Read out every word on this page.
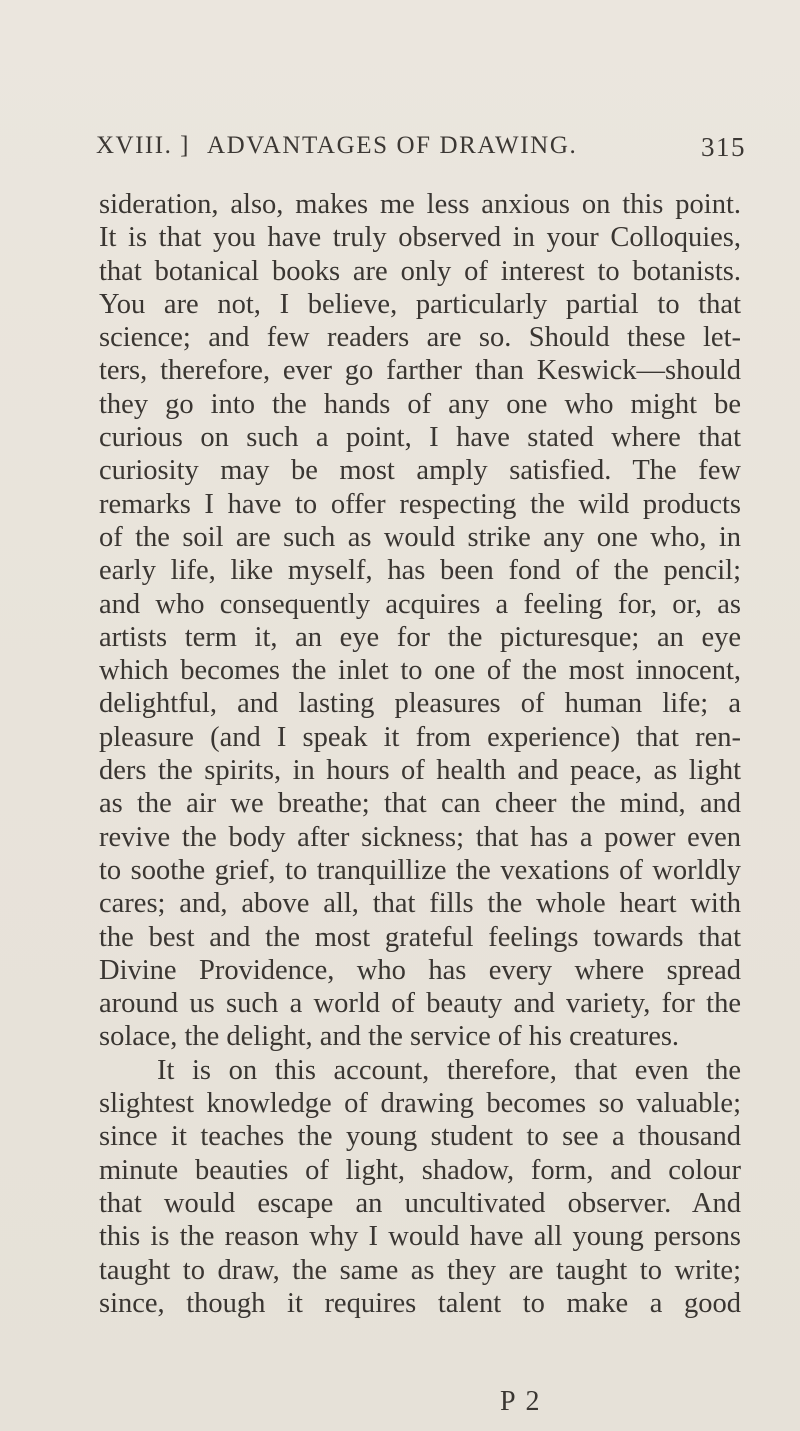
XVIII. ] ADVANTAGES OF DRAWING.	315
sideration, also, makes me less anxious on this point.
It is that you have truly observed in your Colloquies,
that botanical books are only of interest to botanists.
You are not, I believe, particularly partial to that
science; and few readers are so. Should these let-
ters, therefore, ever go farther than Keswick—should
they go into the hands of any one who might be
curious on such a point, I have stated where that
curiosity may be most amply satisfied. The few
remarks I have to offer respecting the wild products
of the soil are such as would strike any one who, in
early life, like myself, has been fond of the pencil;
and who consequently acquires a feeling for, or, as
artists term it, an eye for the picturesque; an eye
which becomes the inlet to one of the most innocent,
delightful, and lasting pleasures of human life; a
pleasure (and I speak it from experience) that ren-
ders the spirits, in hours of health and peace, as light
as the air we breathe; that can cheer the mind, and
revive the body after sickness; that has a power even
to soothe grief, to tranquillize the vexations of worldly
cares; and, above all, that fills the whole heart with
the best and the most grateful feelings towards that
Divine Providence, who has every where spread
around us such a world of beauty and variety, for the
solace, the delight, and the service of his creatures.
It is on this account, therefore, that even the
slightest knowledge of drawing becomes so valuable;
since it teaches the young student to see a thousand
minute beauties of light, shadow, form, and colour
that would escape an uncultivated observer. And
this is the reason why I would have all young persons
taught to draw, the same as they are taught to write;
since, though it requires talent to make a good
P 2
